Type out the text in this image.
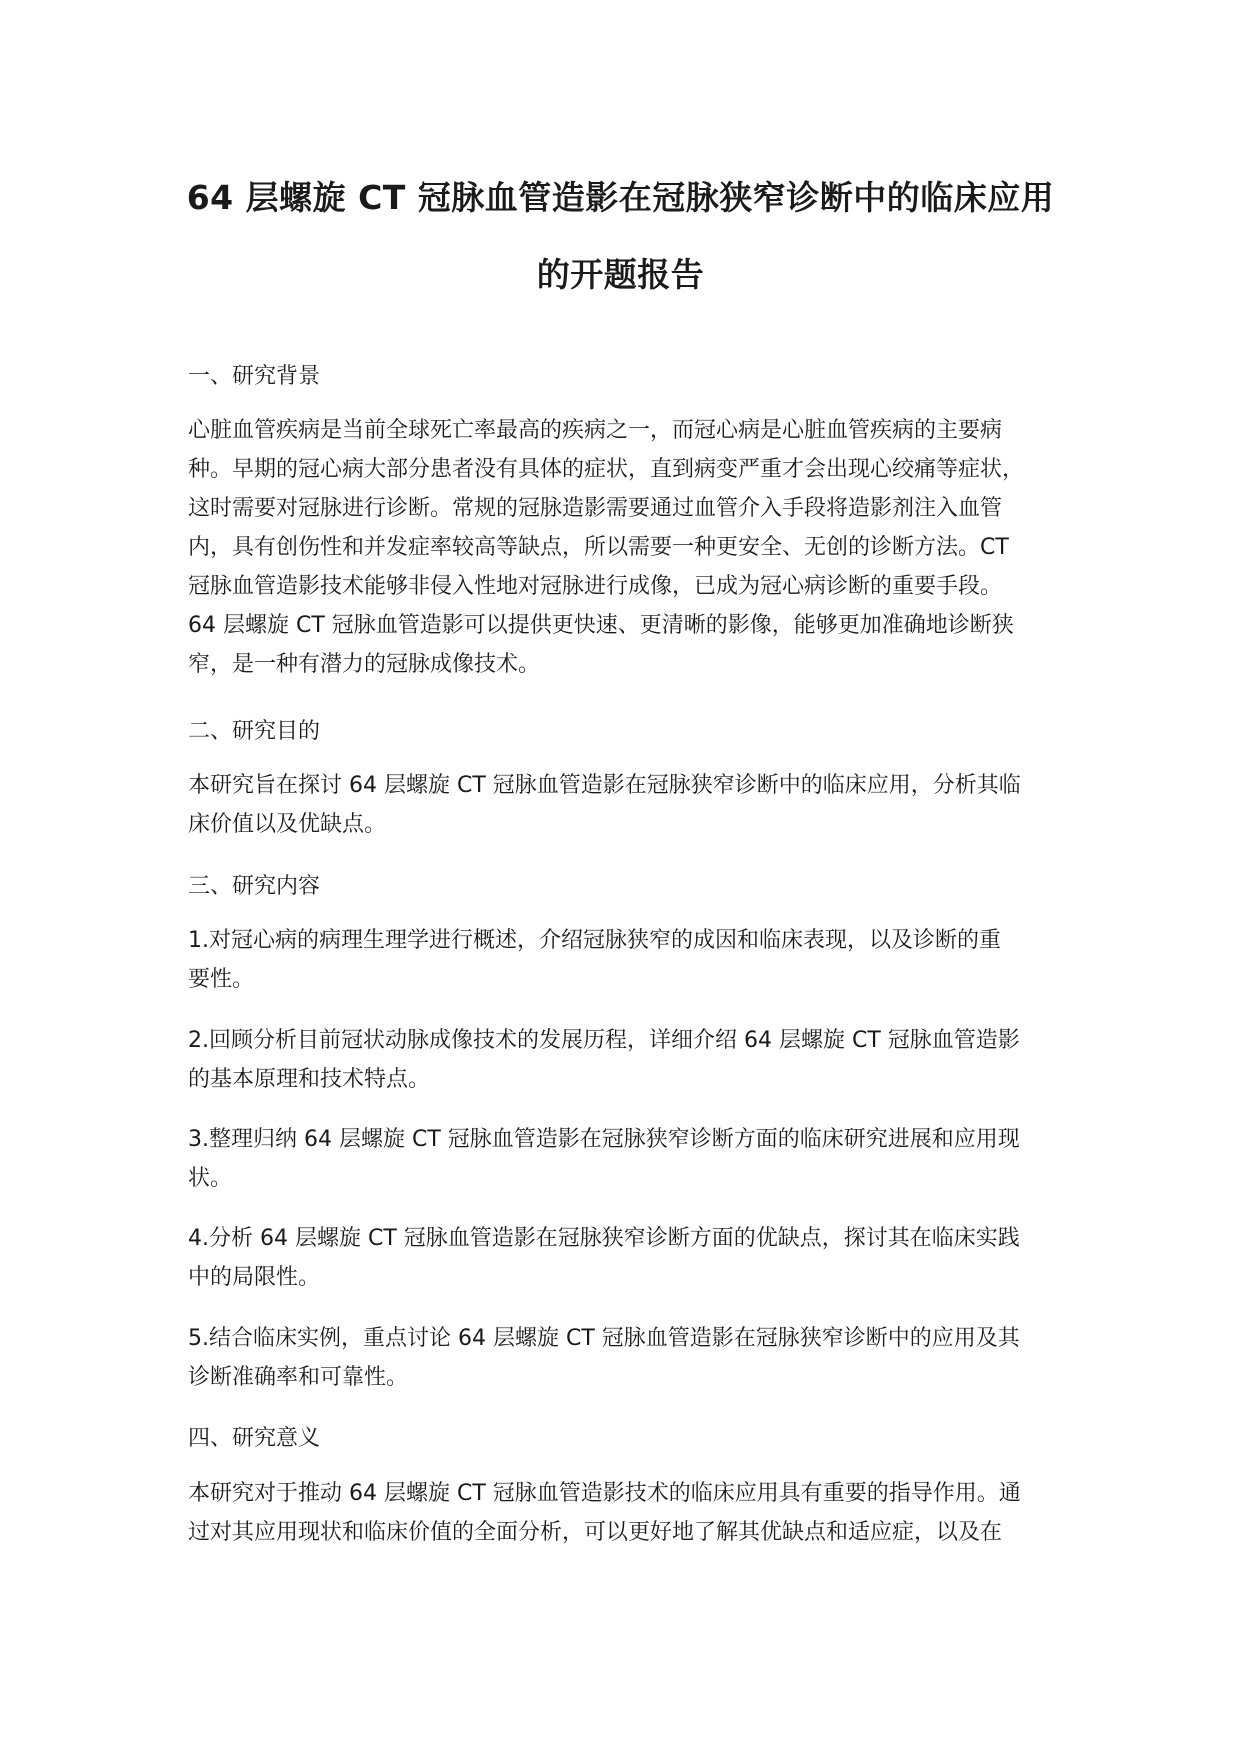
64 层螺旋 CT 冠脉血管造影在冠脉狭窄诊断中的临床应用
的开题报告
一、研究背景
心脏血管疾病是当前全球死亡率最高的疾病之一，而冠心病是心脏血管疾病的主要病
种。早期的冠心病大部分患者没有具体的症状，直到病变严重才会出现心绞痛等症状，
这时需要对冠脉进行诊断。常规的冠脉造影需要通过血管介入手段将造影剂注入血管
内，具有创伤性和并发症率较高等缺点，所以需要一种更安全、无创的诊断方法。CT
冠脉血管造影技术能够非侵入性地对冠脉进行成像，已成为冠心病诊断的重要手段。
64 层螺旋 CT 冠脉血管造影可以提供更快速、更清晰的影像，能够更加准确地诊断狭
窄，是一种有潜力的冠脉成像技术。
二、研究目的
本研究旨在探讨 64 层螺旋 CT 冠脉血管造影在冠脉狭窄诊断中的临床应用，分析其临
床价值以及优缺点。
三、研究内容
1.对冠心病的病理生理学进行概述，介绍冠脉狭窄的成因和临床表现，以及诊断的重
要性。
2.回顾分析目前冠状动脉成像技术的发展历程，详细介绍 64 层螺旋 CT 冠脉血管造影
的基本原理和技术特点。
3.整理归纳 64 层螺旋 CT 冠脉血管造影在冠脉狭窄诊断方面的临床研究进展和应用现
状。
4.分析 64 层螺旋 CT 冠脉血管造影在冠脉狭窄诊断方面的优缺点，探讨其在临床实践
中的局限性。
5.结合临床实例，重点讨论 64 层螺旋 CT 冠脉血管造影在冠脉狭窄诊断中的应用及其
诊断准确率和可靠性。
四、研究意义
本研究对于推动 64 层螺旋 CT 冠脉血管造影技术的临床应用具有重要的指导作用。通
过对其应用现状和临床价值的全面分析，可以更好地了解其优缺点和适应症，以及在
